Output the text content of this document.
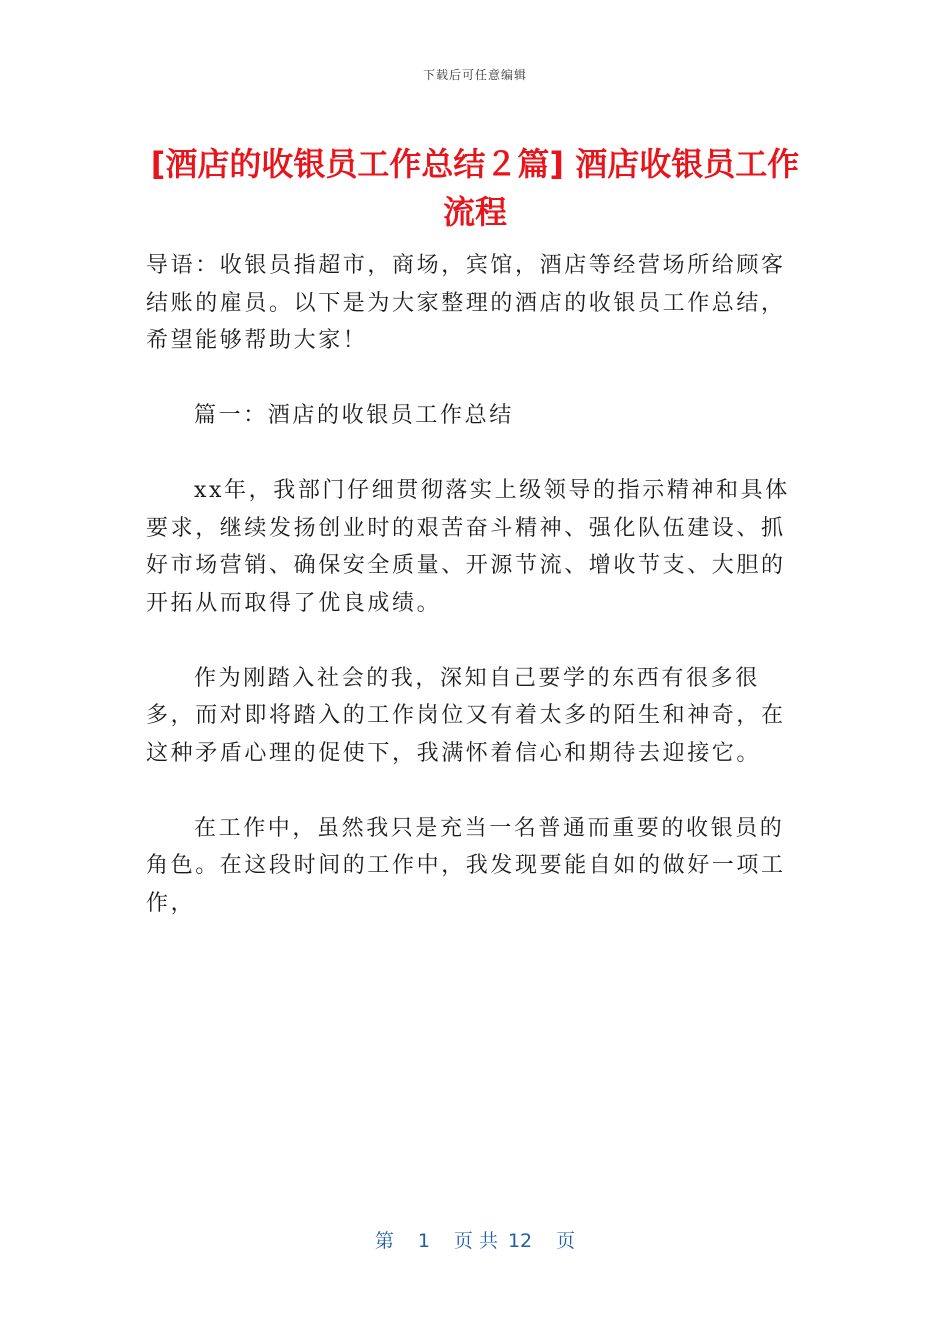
下载后可任意编辑
[酒店的收银员工作总结２篇] 酒店收银员工作流程

导语：收银员指超市，商场，宾馆，酒店等经营场所给顾客结账的雇员。以下是为大家整理的酒店的收银员工作总结，希望能够帮助大家！

篇一：酒店的收银员工作总结

xx年，我部门仔细贯彻落实上级领导的指示精神和具体要求，继续发扬创业时的艰苦奋斗精神、强化队伍建设、抓好市场营销、确保安全质量、开源节流、增收节支、大胆的开拓从而取得了优良成绩。

作为刚踏入社会的我，深知自己要学的东西有很多很多，而对即将踏入的工作岗位又有着太多的陌生和神奇，在这种矛盾心理的促使下，我满怀着信心和期待去迎接它。

在工作中，虽然我只是充当一名普通而重要的收银员的角色。在这段时间的工作中，我发现要能自如的做好一项工作，

第 1 页 共 12 页
